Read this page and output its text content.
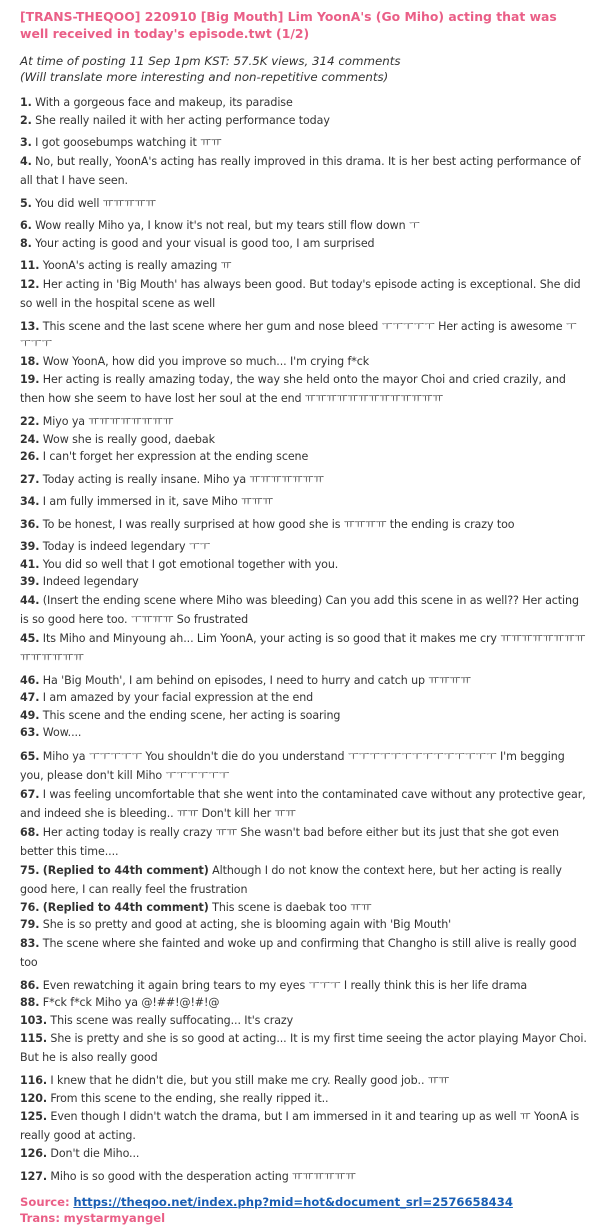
[TRANS-THEQOO] 220910 [Big Mouth] Lim YoonA's (Go Miho) acting that was well received in today's episode.twt (1/2)
At time of posting 11 Sep 1pm KST: 57.5K views, 314 comments
(Will translate more interesting and non-repetitive comments)
1. With a gorgeous face and makeup, its paradise
2. She really nailed it with her acting performance today
3. I got goosebumps watching it ㅠㅠ
4. No, but really, YoonA's acting has really improved in this drama. It is her best acting performance of all that I have seen.
5. You did well ㅠㅠㅠㅠㅠ
6. Wow really Miho ya, I know it's not real, but my tears still flow down ㅜ
8. Your acting is good and your visual is good too, I am surprised
11. YoonA's acting is really amazing ㅠ
12. Her acting in 'Big Mouth' has always been good. But today's episode acting is exceptional. She did so well in the hospital scene as well
13. This scene and the last scene where her gum and nose bleed ㅜㅜㅜㅜㅜ Her acting is awesome ㅜㅜㅜㅜ
18. Wow YoonA, how did you improve so much... I'm crying f*ck
19. Her acting is really amazing today, the way she held onto the mayor Choi and cried crazily, and then how she seem to have lost her soul at the end ㅠㅠㅠㅠㅠㅠㅠㅠㅠㅠㅠㅠㅠ
22. Miyo ya ㅠㅠㅠㅠㅠㅠㅠㅠ
24. Wow she is really good, daebak
26. I can't forget her expression at the ending scene
27. Today acting is really insane. Miho ya ㅠㅠㅠㅠㅠㅠㅠ
34. I am fully immersed in it, save Miho ㅠㅠㅠ
36. To be honest, I was really surprised at how good she is ㅠㅠㅠㅠ the ending is crazy too
39. Today is indeed legendary ㅜㅜ
41. You did so well that I got emotional together with you.
39. Indeed legendary
44. (Insert the ending scene where Miho was bleeding) Can you add this scene in as well?? Her acting is so good here too. ㅜㅠㅠㅠ So frustrated
45. Its Miho and Minyoung ah... Lim YoonA, your acting is so good that it makes me cry ㅠㅠㅠㅠㅠㅠㅠㅠㅠㅠㅠㅠㅠㅠ
46. Ha 'Big Mouth', I am behind on episodes, I need to hurry and catch up ㅠㅠㅠㅠ
47. I am amazed by your facial expression at the end
49. This scene and the ending scene, her acting is soaring
63. Wow....
65. Miho ya ㅜㅜㅜㅜㅜ You shouldn't die do you understand ㅜㅜㅜㅜㅜㅜㅜㅜㅜㅜㅜㅜㅜㅜ I'm begging you, please don't kill Miho ㅜㅜㅜㅜㅜㅜ
67. I was feeling uncomfortable that she went into the contaminated cave without any protective gear, and indeed she is bleeding.. ㅠㅠ Don't kill her ㅠㅠ
68. Her acting today is really crazy ㅠㅠ She wasn't bad before either but its just that she got even better this time....
75. (Replied to 44th comment) Although I do not know the context here, but her acting is really good here, I can really feel the frustration
76. (Replied to 44th comment) This scene is daebak too ㅠㅠ
79. She is so pretty and good at acting, she is blooming again with 'Big Mouth'
83. The scene where she fainted and woke up and confirming that Changho is still alive is really good too
86. Even rewatching it again bring tears to my eyes ㅜㅜㅜ I really think this is her life drama
88. F*ck f*ck Miho ya @!##!@!#!@
103. This scene was really suffocating... It's crazy
115. She is pretty and she is so good at acting... It is my first time seeing the actor playing Mayor Choi. But he is also really good
116. I knew that he didn't die, but you still make me cry. Really good job.. ㅠㅠ
120. From this scene to the ending, she really ripped it..
125. Even though I didn't watch the drama, but I am immersed in it and tearing up as well ㅠ YoonA is really good at acting.
126. Don't die Miho...
127. Miho is so good with the desperation acting ㅠㅠㅠㅠㅠㅠ
Source: https://theqoo.net/index.php?mid=hot&document_srl=2576658434
Trans: mystarmyangel
